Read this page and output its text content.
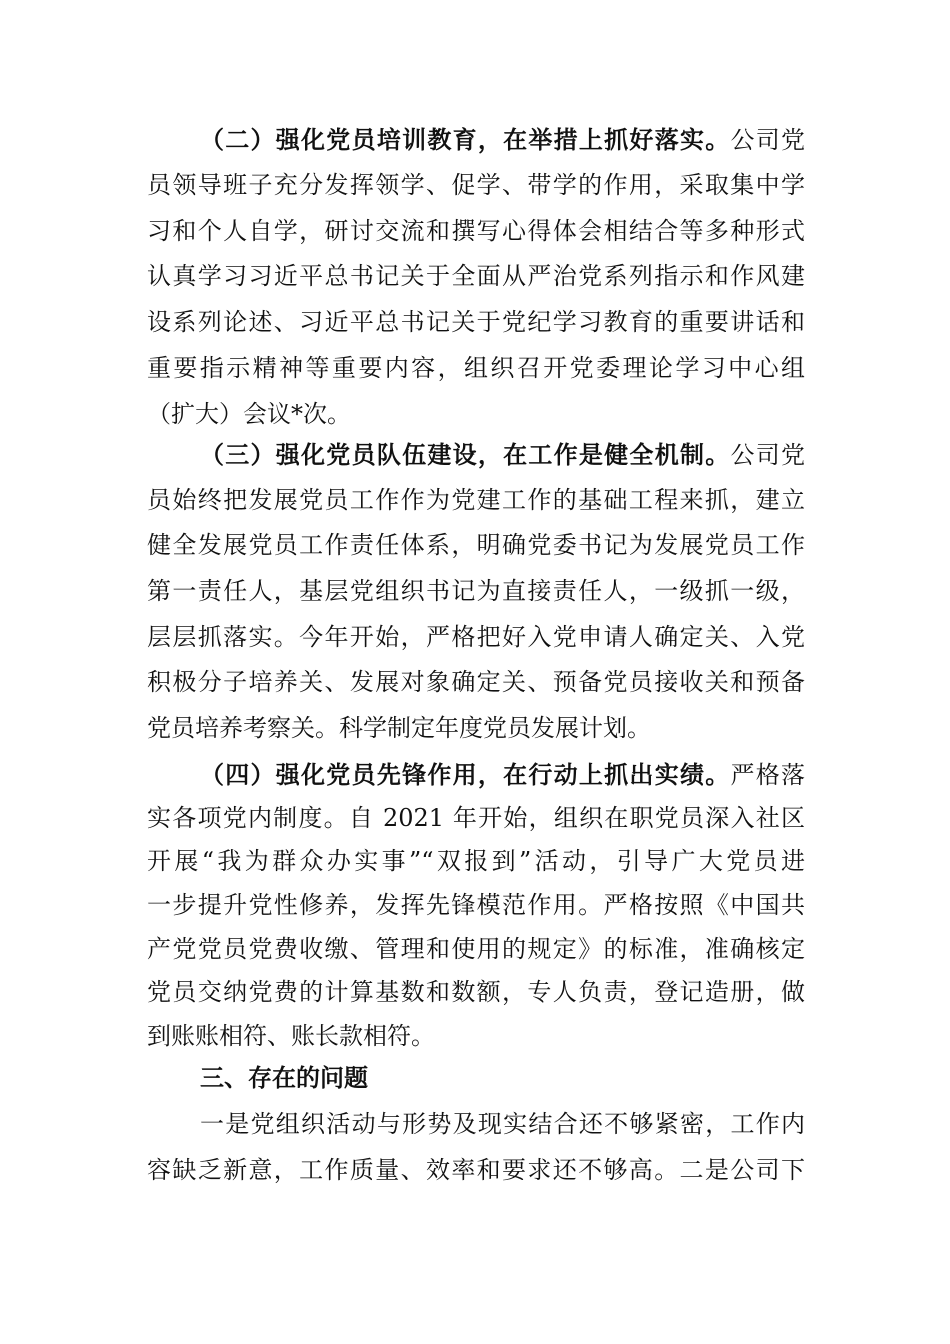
（二）强化党员培训教育，在举措上抓好落实。公司党
员领导班子充分发挥领学、促学、带学的作用，采取集中学
习和个人自学，研讨交流和撰写心得体会相结合等多种形式
认真学习习近平总书记关于全面从严治党系列指示和作风建
设系列论述、习近平总书记关于党纪学习教育的重要讲话和
重要指示精神等重要内容，组织召开党委理论学习中心组
（扩大）会议*次。
（三）强化党员队伍建设，在工作是健全机制。公司党
员始终把发展党员工作作为党建工作的基础工程来抓，建立
健全发展党员工作责任体系，明确党委书记为发展党员工作
第一责任人，基层党组织书记为直接责任人，一级抓一级，
层层抓落实。今年开始，严格把好入党申请人确定关、入党
积极分子培养关、发展对象确定关、预备党员接收关和预备
党员培养考察关。科学制定年度党员发展计划。
（四）强化党员先锋作用，在行动上抓出实绩。严格落
实各项党内制度。自 2021 年开始，组织在职党员深入社区
开展“我为群众办实事”“双报到”活动，引导广大党员进
一步提升党性修养，发挥先锋模范作用。严格按照《中国共
产党党员党费收缴、管理和使用的规定》的标准，准确核定
党员交纳党费的计算基数和数额，专人负责，登记造册，做
到账账相符、账长款相符。
三、存在的问题
一是党组织活动与形势及现实结合还不够紧密，工作内
容缺乏新意，工作质量、效率和要求还不够高。二是公司下
